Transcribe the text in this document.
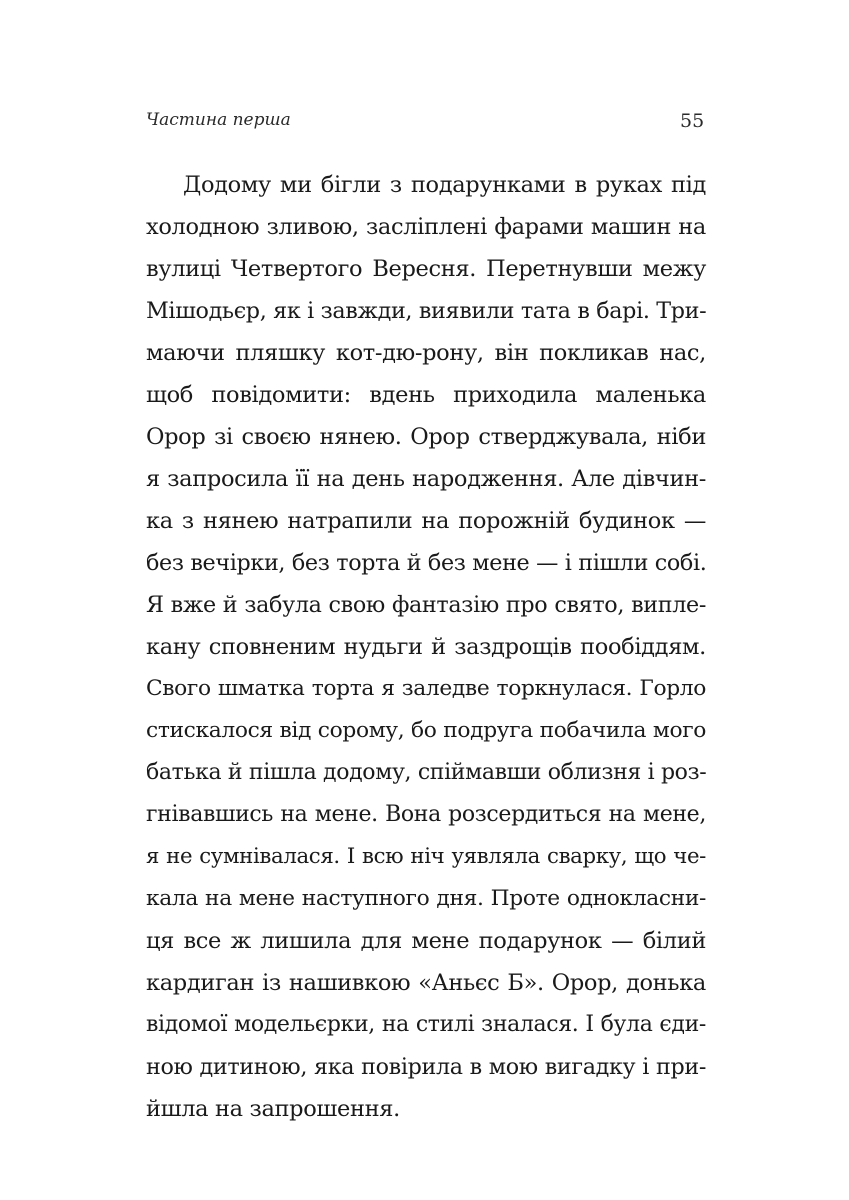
Частина перша	55
Додому ми бігли з подарунками в руках під
холодною зливою, засліплені фарами машин на
вулиці Четвертого Вересня. Перетнувши межу
Мішодьєр, як і завжди, виявили тата в барі. Три-
маючи пляшку кот-дю-рону, він покликав нас,
щоб повідомити: вдень приходила маленька
Орор зі своєю нянею. Орор стверджувала, ніби
я запросила її на день народження. Але дівчин-
ка з нянею натрапили на порожній будинок —
без вечірки, без торта й без мене — і пішли собі.
Я вже й забула свою фантазію про свято, випле-
кану сповненим нудьги й заздрощів пообіддям.
Свого шматка торта я заледве торкнулася. Горло
стискалося від сорому, бо подруга побачила мого
батька й пішла додому, спіймавши облизня і роз-
гнівавшись на мене. Вона розсердиться на мене,
я не сумнівалася. І всю ніч уявляла сварку, що че-
кала на мене наступного дня. Проте однокласни-
ця все ж лишила для мене подарунок — білий
кардиган із нашивкою «Аньєс Б». Орор, донька
відомої модельєрки, на стилі зналася. І була єди-
ною дитиною, яка повірила в мою вигадку і при-
йшла на запрошення.
